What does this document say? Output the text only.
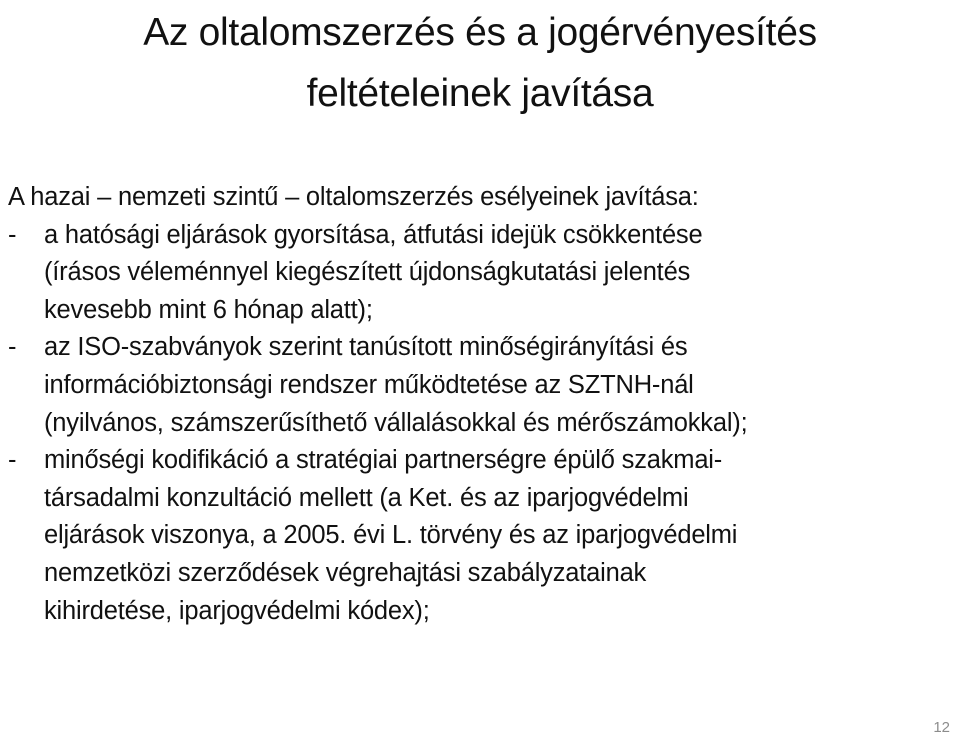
Az oltalomszerzés és a jogérvényesítés
feltételeinek javítása

A hazai – nemzeti szintű – oltalomszerzés esélyeinek javítása:

- a hatósági eljárások gyorsítása, átfutási idejük csökkentése
(írásos véleménnyel kiegészített újdonságkutatási jelentés
kevesebb mint 6 hónap alatt);
- az ISO-szabványok szerint tanúsított minőségirányítási és
információbiztonsági rendszer működtetése az SZTNH-nál
(nyilvános, számszerűsíthető vállalásokkal és mérőszámokkal);
- minőségi kodifikáció a stratégiai partnerségre épülő szakmai-
társadalmi konzultáció mellett (a Ket. és az iparjogvédelmi
eljárások viszonya, a 2005. évi L. törvény és az iparjogvédelmi
nemzetközi szerződések végrehajtási szabályzatainak
kihirdetése, iparjogvédelmi kódex);
12
